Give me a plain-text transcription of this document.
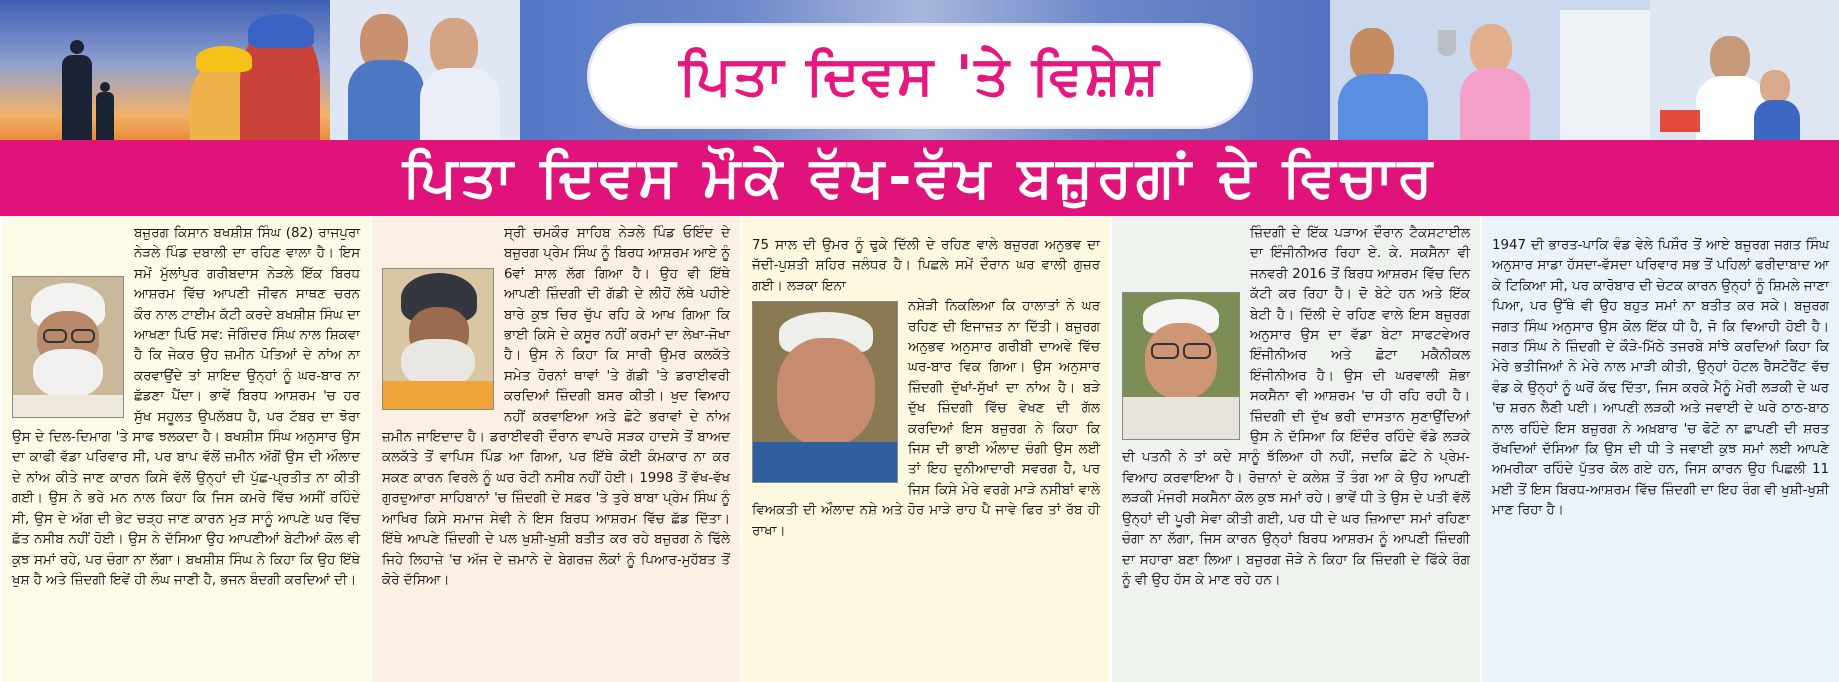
ਪਿਤਾ ਦਿਵਸ 'ਤੇ ਵਿਸ਼ੇਸ਼
ਪਿਤਾ ਦਿਵਸ ਮੌਕੇ ਵੱਖ-ਵੱਖ ਬਜ਼ੁਰਗਾਂ ਦੇ ਵਿਚਾਰ

ਬਜ਼ੁਰਗ ਕਿਸਾਨ ਬਖਸ਼ੀਸ਼ ਸਿੰਘ (82) ਰਾਜਪੁਰਾ ਨੇੜਲੇ ਪਿੰਡ ਦਬਾਲੀ ਦਾ ਰਹਿਣ ਵਾਲਾ ਹੈ। ਇਸ ਸਮੇਂ ਮੁੱਲਾਂਪੁਰ ਗਰੀਬਦਾਸ ਨੇੜਲੇ ਇੱਕ ਬਿਰਧ ਆਸ਼ਰਮ ਵਿੱਚ ਆਪਣੀ ਜੀਵਨ ਸਾਥਣ ਚਰਨ ਕੌਰ ਨਾਲ ਟਾਈਮ ਕੱਟੀ ਕਰਦੇ ਬਖਸ਼ੀਸ਼ ਸਿੰਘ ਦਾ ਆਖਣਾ ਪਿਓ ਸਵ: ਜੋਗਿੰਦਰ ਸਿੰਘ ਨਾਲ ਸ਼ਿਕਵਾ ਹੈ ਕਿ ਜੇਕਰ ਉਹ ਜ਼ਮੀਨ ਪੋਤਿਆਂ ਦੇ ਨਾਂਅ ਨਾ ਕਰਵਾਉਂਦੇ ਤਾਂ ਸ਼ਾਇਦ ਉਨ੍ਹਾਂ ਨੂੰ ਘਰ-ਬਾਰ ਨਾ ਛੱਡਣਾ ਪੈਂਦਾ। ਭਾਵੇਂ ਬਿਰਧ ਆਸ਼ਰਮ 'ਚ ਹਰ ਸੁੱਖ ਸਹੂਲਤ ਉਪਲੱਬਧ ਹੈ, ਪਰ ਟੱਬਰ ਦਾ ਝੋਰਾ ਉਸ ਦੇ ਦਿਲ-ਦਿਮਾਗ 'ਤੇ ਸਾਫ ਝਲਕਦਾ ਹੈ। ਬਖਸ਼ੀਸ਼ ਸਿੰਘ ਅਨੁਸਾਰ ਉਸ ਦਾ ਕਾਫੀ ਵੱਡਾ ਪਰਿਵਾਰ ਸੀ, ਪਰ ਬਾਪ ਵੱਲੋਂ ਜ਼ਮੀਨ ਅੱਗੋਂ ਉਸ ਦੀ ਔਲਾਦ ਦੇ ਨਾਂਅ ਕੀਤੇ ਜਾਣ ਕਾਰਨ ਕਿਸੇ ਵੱਲੋਂ ਉਨ੍ਹਾਂ ਦੀ ਪੁੱਛ-ਪ੍ਰਤੀਤ ਨਾ ਕੀਤੀ ਗਈ। ਉਸ ਨੇ ਭਰੇ ਮਨ ਨਾਲ ਕਿਹਾ ਕਿ ਜਿਸ ਕਮਰੇ ਵਿੱਚ ਅਸੀਂ ਰਹਿੰਦੇ ਸੀ, ਉਸ ਦੇ ਅੱਗ ਦੀ ਭੇਟ ਚੜ੍ਹ ਜਾਣ ਕਾਰਨ ਮੁੜ ਸਾਨੂੰ ਆਪਣੇ ਘਰ ਵਿੱਚ ਛੱਤ ਨਸੀਬ ਨਹੀਂ ਹੋਈ। ਉਸ ਨੇ ਦੱਸਿਆ ਉਹ ਆਪਣੀਆਂ ਬੇਟੀਆਂ ਕੋਲ ਵੀ ਕੁਝ ਸਮਾਂ ਰਹੇ, ਪਰ ਚੰਗਾ ਨਾ ਲੱਗਾ। ਬਖਸ਼ੀਸ਼ ਸਿੰਘ ਨੇ ਕਿਹਾ ਕਿ ਉਹ ਇੱਥੇ ਖੁਸ਼ ਹੈ ਅਤੇ ਜ਼ਿੰਦਗੀ ਇਵੇਂ ਹੀ ਲੰਘ ਜਾਣੀ ਹੈ, ਭਜਨ ਬੰਦਗੀ ਕਰਦਿਆਂ ਦੀ।

ਸ੍ਰੀ ਚਮਕੌਰ ਸਾਹਿਬ ਨੇੜਲੇ ਪਿੰਡ ਓਇੰਦ ਦੇ ਬਜ਼ੁਰਗ ਪ੍ਰੇਮ ਸਿੰਘ ਨੂੰ ਬਿਰਧ ਆਸ਼ਰਮ ਆਏ ਨੂੰ 6ਵਾਂ ਸਾਲ ਲੱਗ ਗਿਆ ਹੈ। ਉਹ ਵੀ ਇੱਥੇ ਆਪਣੀ ਜ਼ਿੰਦਗੀ ਦੀ ਗੱਡੀ ਦੇ ਲੀਹੋਂ ਲੱਥੇ ਪਹੀਏ ਬਾਰੇ ਕੁਝ ਚਿਰ ਚੁੱਪ ਰਹਿ ਕੇ ਆਖ ਗਿਆ ਕਿ ਭਾਈ ਕਿਸੇ ਦੇ ਕਸੂਰ ਨਹੀਂ ਕਰਮਾਂ ਦਾ ਲੇਖਾ-ਜੋਖਾ ਹੈ। ਉਸ ਨੇ ਕਿਹਾ ਕਿ ਸਾਰੀ ਉਮਰ ਕਲਕੱਤੇ ਸਮੇਤ ਹੋਰਨਾਂ ਥਾਵਾਂ 'ਤੇ ਗੱਡੀ 'ਤੇ ਡਰਾਈਵਰੀ ਕਰਦਿਆਂ ਜ਼ਿੰਦਗੀ ਬਸਰ ਕੀਤੀ। ਖੁਦ ਵਿਆਹ ਨਹੀਂ ਕਰਵਾਇਆ ਅਤੇ ਛੋਟੇ ਭਰਾਵਾਂ ਦੇ ਨਾਂਅ ਜ਼ਮੀਨ ਜਾਇਦਾਦ ਹੈ। ਡਰਾਈਵਰੀ ਦੌਰਾਨ ਵਾਪਰੇ ਸੜਕ ਹਾਦਸੇ ਤੋਂ ਬਾਅਦ ਕਲਕੱਤੇ ਤੋਂ ਵਾਪਿਸ ਪਿੰਡ ਆ ਗਿਆ, ਪਰ ਇੱਥੇ ਕੋਈ ਕੰਮਕਾਰ ਨਾ ਕਰ ਸਕਣ ਕਾਰਨ ਵਿਰਲੇ ਨੂੰ ਘਰ ਰੋਟੀ ਨਸੀਬ ਨਹੀਂ ਹੋਈ। 1998 ਤੋਂ ਵੱਖ-ਵੱਖ ਗੁਰਦੁਆਰਾ ਸਾਹਿਬਾਨਾਂ 'ਚ ਜ਼ਿੰਦਗੀ ਦੇ ਸਫ਼ਰ 'ਤੇ ਤੁਰੇ ਬਾਬਾ ਪ੍ਰੇਮ ਸਿੰਘ ਨੂੰ ਆਖਿਰ ਕਿਸੇ ਸਮਾਜ ਸੇਵੀ ਨੇ ਇਸ ਬਿਰਧ ਆਸ਼ਰਮ ਵਿੱਚ ਛੱਡ ਦਿੱਤਾ। ਇੱਥੇ ਆਪਣੇ ਜ਼ਿੰਦਗੀ ਦੇ ਪਲ ਖੁਸ਼ੀ-ਖੁਸ਼ੀ ਬਤੀਤ ਕਰ ਰਹੇ ਬਜ਼ੁਰਗ ਨੇ ਢਿੱਲੇ ਜਿਹੇ ਲਿਹਾਜ਼ੇ 'ਚ ਅੱਜ ਦੇ ਜ਼ਮਾਨੇ ਦੇ ਬੇਗਰਜ਼ ਲੋਕਾਂ ਨੂੰ ਪਿਆਰ-ਮੁਹੱਬਤ ਤੋਂ ਕੋਰੇ ਦੱਸਿਆ।

75 ਸਾਲ ਦੀ ਉਮਰ ਨੂੰ ਢੁਕੇ ਦਿੱਲੀ ਦੇ ਰਹਿਣ ਵਾਲੇ ਬਜ਼ੁਰਗ ਅਨੁਭਵ ਦਾ ਜੱਦੀ-ਪੁਸ਼ਤੀ ਸ਼ਹਿਰ ਜਲੰਧਰ ਹੈ। ਪਿਛਲੇ ਸਮੇਂ ਦੌਰਾਨ ਘਰ ਵਾਲੀ ਗੁਜ਼ਰ ਗਈ। ਲੜਕਾ ਇਨਾ

ਨਸ਼ੇੜੀ ਨਿਕਲਿਆ ਕਿ ਹਾਲਾਤਾਂ ਨੇ ਘਰ ਰਹਿਣ ਦੀ ਇਜਾਜ਼ਤ ਨਾ ਦਿੱਤੀ। ਬਜ਼ੁਰਗ ਅਨੁਭਵ ਅਨੁਸਾਰ ਗਰੀਬੀ ਦਾਅਵੇ ਵਿੱਚ ਘਰ-ਬਾਰ ਵਿਕ ਗਿਆ। ਉਸ ਅਨੁਸਾਰ ਜ਼ਿੰਦਗੀ ਦੁੱਖਾਂ-ਸੁੱਖਾਂ ਦਾ ਨਾਂਅ ਹੈ। ਬੜੇ ਦੁੱਖ ਜ਼ਿੰਦਗੀ ਵਿੱਚ ਵੇਖਣ ਦੀ ਗੱਲ ਕਰਦਿਆਂ ਇਸ ਬਜ਼ੁਰਗ ਨੇ ਕਿਹਾ ਕਿ ਜਿਸ ਦੀ ਭਾਈ ਔਲਾਦ ਚੰਗੀ ਉਸ ਲਈ ਤਾਂ ਇਹ ਦੁਨੀਆਦਾਰੀ ਸਵਰਗ ਹੈ, ਪਰ ਜਿਸ ਕਿਸੇ ਮੇਰੇ ਵਰਗੇ ਮਾੜੇ ਨਸੀਬਾਂ ਵਾਲੇ ਵਿਅਕਤੀ ਦੀ ਔਲਾਦ ਨਸ਼ੇ ਅਤੇ ਹੋਰ ਮਾੜੇ ਰਾਹ ਪੈ ਜਾਵੇ ਫਿਰ ਤਾਂ ਰੱਬ ਹੀ ਰਾਖਾ।

ਜ਼ਿੰਦਗੀ ਦੇ ਇੱਕ ਪੜਾਅ ਦੌਰਾਨ ਟੈਕਸਟਾਈਲ ਦਾ ਇੰਜੀਨੀਅਰ ਰਿਹਾ ਏ. ਕੇ. ਸਕਸੈਨਾ ਵੀ ਜਨਵਰੀ 2016 ਤੋਂ ਬਿਰਧ ਆਸ਼ਰਮ ਵਿੱਚ ਦਿਨ ਕੱਟੀ ਕਰ ਰਿਹਾ ਹੈ। ਦੋ ਬੇਟੇ ਹਨ ਅਤੇ ਇੱਕ ਬੇਟੀ ਹੈ। ਦਿੱਲੀ ਦੇ ਰਹਿਣ ਵਾਲੇ ਇਸ ਬਜ਼ੁਰਗ ਅਨੁਸਾਰ ਉਸ ਦਾ ਵੱਡਾ ਬੇਟਾ ਸਾਫਟਵੇਅਰ ਇੰਜੀਨੀਅਰ ਅਤੇ ਛੋਟਾ ਮਕੈਨੀਕਲ ਇੰਜੀਨੀਅਰ ਹੈ। ਉਸ ਦੀ ਘਰਵਾਲੀ ਸ਼ੋਭਾ ਸਕਸੈਨਾ ਵੀ ਆਸ਼ਰਮ 'ਚ ਹੀ ਰਹਿ ਰਹੀ ਹੈ। ਜ਼ਿੰਦਗੀ ਦੀ ਦੁੱਖ ਭਰੀ ਦਾਸਤਾਨ ਸੁਣਾਉਂਦਿਆਂ ਉਸ ਨੇ ਦੱਸਿਆ ਕਿ ਇੰਦੌਰ ਰਹਿੰਦੇ ਵੱਡੇ ਲੜਕੇ ਦੀ ਪਤਨੀ ਨੇ ਤਾਂ ਕਦੇ ਸਾਨੂੰ ਝੱਲਿਆ ਹੀ ਨਹੀਂ, ਜਦਕਿ ਛੋਟੇ ਨੇ ਪ੍ਰੇਮ-ਵਿਆਹ ਕਰਵਾਇਆ ਹੈ। ਰੋਜ਼ਾਨਾਂ ਦੇ ਕਲੇਸ਼ ਤੋਂ ਤੰਗ ਆ ਕੇ ਉਹ ਆਪਣੀ ਲੜਕੀ ਮੰਜਰੀ ਸਕਸੈਨਾ ਕੋਲ ਕੁਝ ਸਮਾਂ ਰਹੇ। ਭਾਵੇਂ ਧੀ ਤੇ ਉਸ ਦੇ ਪਤੀ ਵੱਲੋਂ ਉਨ੍ਹਾਂ ਦੀ ਪੂਰੀ ਸੇਵਾ ਕੀਤੀ ਗਈ, ਪਰ ਧੀ ਦੇ ਘਰ ਜ਼ਿਆਦਾ ਸਮਾਂ ਰਹਿਣਾ ਚੰਗਾ ਨਾ ਲੱਗਾ, ਜਿਸ ਕਾਰਨ ਉਨ੍ਹਾਂ ਬਿਰਧ ਆਸ਼ਰਮ ਨੂੰ ਆਪਣੀ ਜ਼ਿੰਦਗੀ ਦਾ ਸਹਾਰਾ ਬਣਾ ਲਿਆ। ਬਜ਼ੁਰਗ ਜੋੜੇ ਨੇ ਕਿਹਾ ਕਿ ਜ਼ਿੰਦਗੀ ਦੇ ਫਿੱਕੇ ਰੰਗ ਨੂੰ ਵੀ ਉਹ ਹੱਸ ਕੇ ਮਾਣ ਰਹੇ ਹਨ।

1947 ਦੀ ਭਾਰਤ-ਪਾਕਿ ਵੰਡ ਵੇਲੇ ਪਿਸ਼ੌਰ ਤੋਂ ਆਏ ਬਜ਼ੁਰਗ ਜਗਤ ਸਿੰਘ ਅਨੁਸਾਰ ਸਾਡਾ ਹੱਸਦਾ-ਵੱਸਦਾ ਪਰਿਵਾਰ ਸਭ ਤੋਂ ਪਹਿਲਾਂ ਫਰੀਦਾਬਾਦ ਆ ਕੇ ਟਿਕਿਆ ਸੀ, ਪਰ ਕਾਰੋਬਾਰ ਦੀ ਚੇਟਕ ਕਾਰਨ ਉਨ੍ਹਾਂ ਨੂੰ ਸ਼ਿਮਲੇ ਜਾਣਾ ਪਿਆ, ਪਰ ਉੱਥੇ ਵੀ ਉਹ ਬਹੁਤ ਸਮਾਂ ਨਾ ਬਤੀਤ ਕਰ ਸਕੇ। ਬਜ਼ੁਰਗ ਜਗਤ ਸਿੰਘ ਅਨੁਸਾਰ ਉਸ ਕੋਲ ਇੱਕ ਧੀ ਹੈ, ਜੋ ਕਿ ਵਿਆਹੀ ਹੋਈ ਹੈ। ਜਗਤ ਸਿੰਘ ਨੇ ਜ਼ਿੰਦਗੀ ਦੇ ਕੌੜੇ-ਮਿੱਠੇ ਤਜਰਬੇ ਸਾਂਝੇ ਕਰਦਿਆਂ ਕਿਹਾ ਕਿ ਮੇਰੇ ਭਤੀਜਿਆਂ ਨੇ ਮੇਰੇ ਨਾਲ ਮਾੜੀ ਕੀਤੀ, ਉਨ੍ਹਾਂ ਹੋਟਲ ਰੈਸਟੋਰੈਂਟ ਵੱਚ ਵੰਡ ਕੇ ਉਨ੍ਹਾਂ ਨੂੰ ਘਰੋਂ ਕੱਢ ਦਿੱਤਾ, ਜਿਸ ਕਰਕੇ ਮੈਨੂੰ ਮੇਰੀ ਲੜਕੀ ਦੇ ਘਰ 'ਚ ਸ਼ਰਨ ਲੈਣੀ ਪਈ। ਆਪਣੀ ਲੜਕੀ ਅਤੇ ਜਵਾਈ ਦੇ ਘਰੇ ਠਾਠ-ਬਾਠ ਨਾਲ ਰਹਿੰਦੇ ਇਸ ਬਜ਼ੁਰਗ ਨੇ ਅਖ਼ਬਾਰ 'ਚ ਫੋਟੋ ਨਾ ਛਾਪਣੀ ਦੀ ਸ਼ਰਤ ਰੱਖਦਿਆਂ ਦੱਸਿਆ ਕਿ ਉਸ ਦੀ ਧੀ ਤੇ ਜਵਾਈ ਕੁਝ ਸਮਾਂ ਲਈ ਆਪਣੇ ਅਮਰੀਕਾ ਰਹਿੰਦੇ ਪੁੱਤਰ ਕੋਲ ਗਏ ਹਨ, ਜਿਸ ਕਾਰਨ ਉਹ ਪਿਛਲੀ 11 ਮਈ ਤੋਂ ਇਸ ਬਿਰਧ-ਆਸ਼ਰਮ ਵਿੱਚ ਜ਼ਿੰਦਗੀ ਦਾ ਇਹ ਰੰਗ ਵੀ ਖੁਸ਼ੀ-ਖੁਸ਼ੀ ਮਾਣ ਰਿਹਾ ਹੈ।
